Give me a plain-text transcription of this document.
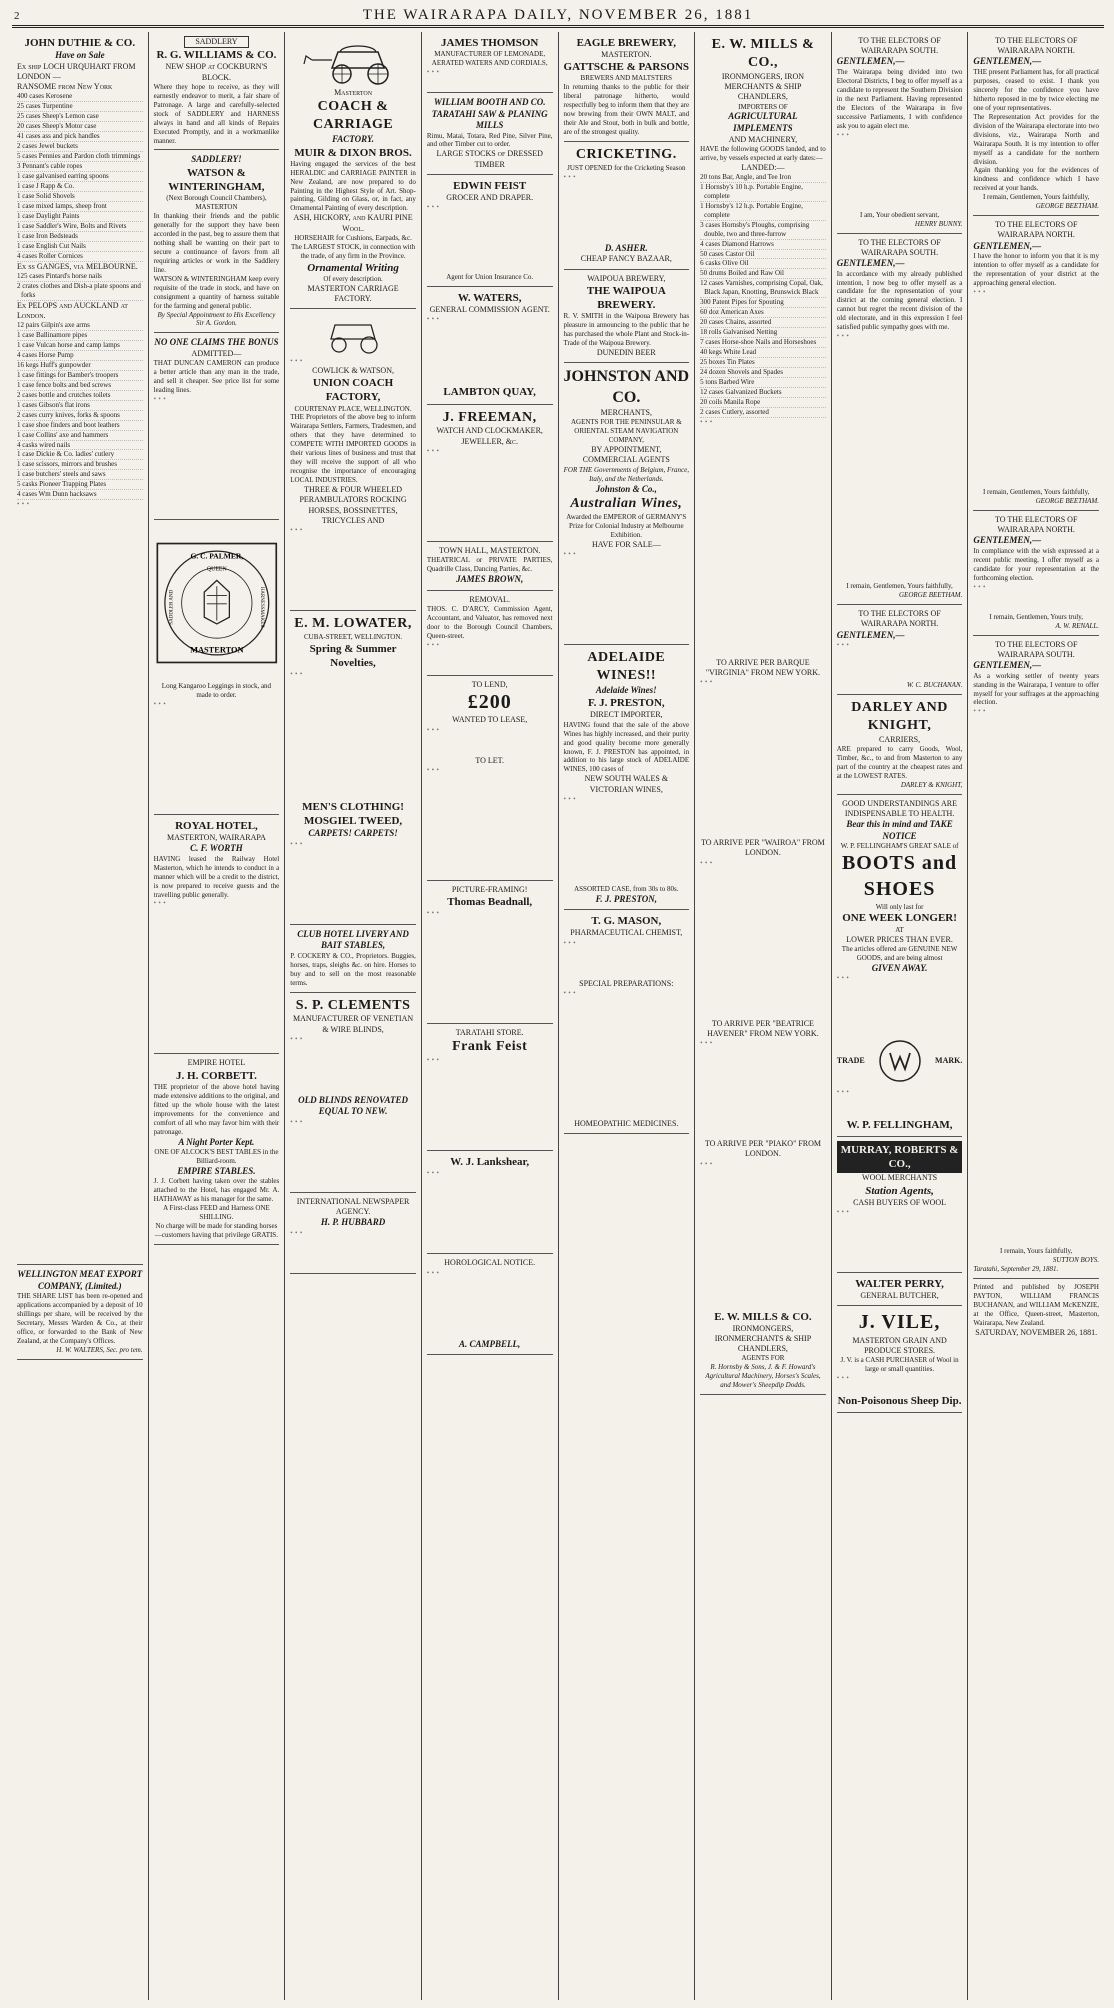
2	THE WAIRARAPA DAILY, NOVEMBER 26, 1881
JOHN DUTHIE & CO.
Have on Sale
Ex ship LOCH URQUHART FROM LONDON —
RANSOME from New York
400 cases Kerosene
25 cases Turpentine
25 cases Sheep's Lemon case
20 cases Sheep's Motor case
41 cases ass and pick handles
2 cases Jewel buckets
5 cases Pennies and Pardon cloth trimmings
3 Pennant's cable ropes
1 case galvanised earring spoons
1 case J Rapp & Co.
1 case Solid Shovels
1 case mixed lamps, sheep front
1 case Daylight Paints
1 case Saddler's Wire, Bolts and Rivets
1 case Iron Bedsteads
1 case English Cut Nails
4 cases Roller Cornices
Ex ss GANGES, via MELBOURNE.
125 cases Pintard's horse nails
2 crates clothes and Dish-a plate spoons and forks
Ex PELOPS and AUCKLAND at London.
12 pairs Gilpin's axe arms
1 case Ballinamore pipes
1 case Vulcan horse and camp lamps
4 cases Horse Pump
16 kegs Huff's gunpowder
1 case fittings for Bamber's troopers
1 case fence bolts and bed screws
2 cases bottle and crutches toilets
1 cases Gibson's flat irons
2 cases curry knives, forks & spoons
1 case shoe finders and boot leathers
1 case Collins' axe and hammers
4 casks wired nails
1 case Dickie & Co. ladies' cutlery
1 case scissors, mirrors and brushes
1 case butchers' steels and saws
5 casks Pioneer Trapping Plates
4 cases Wm Dunn hacksaws
• • •
WELLINGTON MEAT EXPORT COMPANY, (Limited.)
THE SHARE LIST has been re-opened and applications accompanied by a deposit of 10 shillings per share, will be received by the Secretary, Messrs Warden & Co., at their office, or forwarded to the Bank of New Zealand, at the Company's Offices.
H. W. WALTERS, Sec. pro tem.
SADDLERY
R. G. WILLIAMS & CO.
NEW SHOP at COCKBURN'S BLOCK.
Where they hope to receive, as they will earnestly endeavor to merit, a fair share of Patronage. A large and carefully-selected stock of SADDLERY and HARNESS always in hand and all kinds of Repairs Executed Promptly, and in a workmanlike manner.
SADDLERY!
WATSON & WINTERINGHAM,
(Next Borough Council Chambers), MASTERTON
In thanking their friends and the public generally for the support they have been accorded in the past, beg to assure them that nothing shall be wanting on their part to secure a continuance of favors from all requiring articles or work in the Saddlery line.
WATSON & WINTERINGHAM keep every requisite of the trade in stock, and have on consignment a quantity of harness suitable for the farming and general public.
By Special Appointment to His Excellency Sir A. Gordon.
NO ONE CLAIMS THE BONUS
ADMITTED—
THAT DUNCAN CAMERON can produce a better article than any man in the trade, and sell it cheaper. See price list for some leading lines.
• • •
G. C. PALMER,
QUEEN
SADDLER AND	HARNESSMAKER
MASTERTON
Long Kangaroo Leggings in stock, and made to order.
• • •
ROYAL HOTEL,
MASTERTON, WAIRARAPA
C. F. WORTH
HAVING leased the Railway Hotel Masterton, which he intends to conduct in a manner which will be a credit to the district, is now prepared to receive guests and the travelling public generally.
• • •
EMPIRE HOTEL
J. H. CORBETT.
THE proprietor of the above hotel having made extensive additions to the original, and fitted up the whole house with the latest improvements for the convenience and comfort of all who may favor him with their patronage.
A Night Porter Kept.
ONE OF ALCOCK'S BEST TABLES in the Billiard-room.
EMPIRE STABLES.
J. J. Corbett having taken over the stables attached to the Hotel, has engaged Mr. A. HATHAWAY as his manager for the same.
A First-class FEED and Harness ONE SHILLING.
No charge will be made for standing horses—customers having that privilege GRATIS.
Masterton
COACH & CARRIAGE
FACTORY.
MUIR & DIXON BROS.
Having engaged the services of the best HERALDIC and CARRIAGE PAINTER in New Zealand, are now prepared to do Painting in the Highest Style of Art. Shop-painting, Gilding on Glass, or, in fact, any Ornamental Painting of every description.
ASH, HICKORY, and KAURI PINE Wool.
HORSEHAIR for Cushions, Earpads, &c.
The LARGEST STOCK, in connection with the trade, of any firm in the Province.
Ornamental Writing
Of every description.
MASTERTON CARRIAGE FACTORY.
• • •
COWLICK & WATSON,
UNION COACH FACTORY,
COURTENAY PLACE, WELLINGTON.
THE Proprietors of the above beg to inform Wairarapa Settlers, Farmers, Tradesmen, and others that they have determined to COMPETE WITH IMPORTED GOODS in their various lines of business and trust that they will receive the support of all who recognise the importance of encouraging LOCAL INDUSTRIES.
THREE & FOUR WHEELED PERAMBULATORS ROCKING HORSES, BOSSINETTES, TRICYCLES AND
• • •
E. M. LOWATER,
CUBA-STREET, WELLINGTON.
Spring & Summer Novelties,
• • •
MEN'S CLOTHING!
MOSGIEL TWEED,
CARPETS! CARPETS!
• • •
CLUB HOTEL LIVERY AND BAIT STABLES,
P. COCKERY & CO., Proprietors. Buggies, horses, traps, sleighs &c. on hire. Horses to buy and to sell on the most reasonable terms.
S. P. CLEMENTS
MANUFACTURER OF VENETIAN & WIRE BLINDS,
• • •
OLD BLINDS RENOVATED EQUAL TO NEW.
• • •
INTERNATIONAL NEWSPAPER AGENCY.
H. P. HUBBARD
• • •
JAMES THOMSON
MANUFACTURER OF LEMONADE, AERATED WATERS AND CORDIALS,
• • •
WILLIAM BOOTH AND CO. TARATAHI SAW & PLANING MILLS
Rimu, Matai, Totara, Red Pine, Silver Pine, and other Timber cut to order.
LARGE STOCKS of DRESSED TIMBER
EDWIN FEIST
GROCER AND DRAPER.
• • •
Agent for Union Insurance Co.
W. WATERS,
GENERAL COMMISSION AGENT.
• • •
LAMBTON QUAY,
J. FREEMAN,
WATCH AND CLOCKMAKER, JEWELLER, &c.
• • •
TOWN HALL, MASTERTON.
THEATRICAL or PRIVATE PARTIES, Quadrille Class, Dancing Parties, &c.
JAMES BROWN,
REMOVAL.
THOS. C. D'ARCY, Commission Agent, Accountant, and Valuator, has removed next door to the Borough Council Chambers, Queen-street.
• • •
TO LEND,
£200
WANTED TO LEASE,
• • •
TO LET.
• • •
PICTURE-FRAMING!
Thomas Beadnall,
• • •
TARATAHI STORE.
Frank Feist
• • •
W. J. Lankshear,
• • •
HOROLOGICAL NOTICE.
• • •
A. CAMPBELL,
EAGLE BREWERY,
MASTERTON.
GATTSCHE & PARSONS
BREWERS AND MALTSTERS
In returning thanks to the public for their liberal patronage hitherto, would respectfully beg to inform them that they are now brewing from their OWN MALT, and their Ale and Stout, both in bulk and bottle, are of the strongest quality.
CRICKETING.
JUST OPENED for the Cricketing Season
• • •
D. ASHER.
CHEAP FANCY BAZAAR,
WAIPOUA BREWERY,
THE WAIPOUA BREWERY.
R. V. SMITH in the Waipoua Brewery has pleasure in announcing to the public that he has purchased the whole Plant and Stock-in-Trade of the Waipoua Brewery.
DUNEDIN BEER
JOHNSTON AND CO.
MERCHANTS,
AGENTS FOR THE PENINSULAR & ORIENTAL STEAM NAVIGATION COMPANY,
BY APPOINTMENT,
COMMERCIAL AGENTS
FOR THE Governments of Belgium, France, Italy, and the Netherlands.
Johnston & Co.,
Australian Wines,
Awarded the EMPEROR of GERMANY'S Prize for Colonial Industry at Melbourne Exhibition.
HAVE FOR SALE—
• • •
ADELAIDE WINES!!
Adelaide Wines!
F. J. PRESTON,
DIRECT IMPORTER,
HAVING found that the sale of the above Wines has highly increased, and their purity and good quality become more generally known, F. J. PRESTON has appointed, in addition to his large stock of ADELAIDE WINES, 100 cases of
NEW SOUTH WALES & VICTORIAN WINES,
• • •
ASSORTED CASE, from 30s to 80s.
F. J. PRESTON,
T. G. MASON,
PHARMACEUTICAL CHEMIST,
• • •
SPECIAL PREPARATIONS:
• • •
HOMEOPATHIC MEDICINES.
E. W. MILLS & CO.,
IRONMONGERS, IRON
MERCHANTS & SHIP CHANDLERS,
IMPORTERS OF
AGRICULTURAL IMPLEMENTS
AND MACHINERY,
HAVE the following GOODS landed, and to arrive, by vessels expected at early dates:—
LANDED:—
20 tons Bar, Angle, and Tee Iron
1 Hornsby's 10 h.p. Portable Engine, complete
1 Hornsby's 12 h.p. Portable Engine, complete
3 cases Hornsby's Ploughs, comprising double, two and three-furrow
4 cases Diamond Harrows
50 cases Castor Oil
6 casks Olive Oil
50 drums Boiled and Raw Oil
12 cases Varnishes, comprising Copal, Oak, Black Japan, Knotting, Brunswick Black
300 Patent Pipes for Spouting
60 doz American Axes
20 cases Chains, assorted
18 rolls Galvanised Netting
7 cases Horse-shoe Nails and Horseshoes
40 kegs White Lead
25 boxes Tin Plates
24 dozen Shovels and Spades
5 tons Barbed Wire
12 cases Galvanized Buckets
20 coils Manila Rope
2 cases Cutlery, assorted
• • •
TO ARRIVE PER BARQUE "VIRGINIA" FROM NEW YORK.
• • •
TO ARRIVE PER "WAIROA" FROM LONDON.
• • •
TO ARRIVE PER "BEATRICE HAVENER" FROM NEW YORK.
• • •
TO ARRIVE PER "PIAKO" FROM LONDON.
• • •
E. W. MILLS & CO.
IRONMONGERS, IRONMERCHANTS & SHIP CHANDLERS,
AGENTS FOR
R. Hornsby & Sons, J. & F. Howard's Agricultural Machinery, Horses's Scales, and Mower's Sheepdip Dodds.
TO THE ELECTORS OF WAIRARAPA SOUTH.
GENTLEMEN,—
The Wairarapa being divided into two Electoral Districts, I beg to offer myself as a candidate to represent the Southern Division in the next Parliament. Having represented the Electors of the Wairarapa in five successive Parliaments, I with confidence ask you to again elect me.
• • •
I am, Your obedient servant,
HENRY BUNNY.
TO THE ELECTORS OF WAIRARAPA SOUTH.
GENTLEMEN,—
In accordance with my already published intention, I now beg to offer myself as a candidate for the representation of your district at the coming general election. I cannot but regret the recent division of the old electorate, and in this expression I feel satisfied public sympathy goes with me.
• • •
I remain, Gentlemen, Yours faithfully,
GEORGE BEETHAM.
TO THE ELECTORS OF WAIRARAPA NORTH.
GENTLEMEN,—
• • •
W. C. BUCHANAN.
DARLEY AND KNIGHT,
CARRIERS,
ARE prepared to carry Goods, Wool, Timber, &c., to and from Masterton to any part of the country at the cheapest rates and at the LOWEST RATES.
DARLEY & KNIGHT,
GOOD UNDERSTANDINGS ARE INDISPENSABLE TO HEALTH.
Bear this in mind and TAKE NOTICE
W. P. FELLINGHAM'S GREAT SALE of
BOOTS and SHOES
Will only last for
ONE WEEK LONGER!
AT
LOWER PRICES THAN EVER.
The articles offered are GENUINE NEW GOODS, and are being almost
GIVEN AWAY.
• • •
TRADE	MARK.
• • •
W. P. FELLINGHAM,
MURRAY, ROBERTS & CO.,
WOOL MERCHANTS
Station Agents,
CASH BUYERS OF WOOL
• • •
WALTER PERRY,
GENERAL BUTCHER,
J. VILE,
MASTERTON GRAIN AND PRODUCE STORES.
J. V. is a CASH PURCHASER of Wool in large or small quantities.
• • •
Non-Poisonous Sheep Dip.
TO THE ELECTORS OF WAIRARAPA NORTH.
GENTLEMEN,—
THE present Parliament has, for all practical purposes, ceased to exist. I thank you sincerely for the confidence you have hitherto reposed in me by twice electing me one of your representatives.
The Representation Act provides for the division of the Wairarapa electorate into two divisions, viz., Wairarapa North and Wairarapa South. It is my intention to offer myself as a candidate for the northern division.
Again thanking you for the evidences of kindness and confidence which I have received at your hands.
I remain, Gentlemen, Yours faithfully,
GEORGE BEETHAM.
TO THE ELECTORS OF WAIRARAPA NORTH.
GENTLEMEN,—
I have the honor to inform you that it is my intention to offer myself as a candidate for the representation of your district at the approaching general election.
• • •
I remain, Gentlemen, Yours faithfully,
GEORGE BEETHAM.
TO THE ELECTORS OF WAIRARAPA NORTH.
GENTLEMEN,—
In compliance with the wish expressed at a recent public meeting, I offer myself as a candidate for your representation at the forthcoming election.
• • •
I remain, Gentlemen, Yours truly,
A. W. RENALL.
TO THE ELECTORS OF WAIRARAPA SOUTH.
GENTLEMEN,—
As a working settler of twenty years standing in the Wairarapa, I venture to offer myself for your suffrages at the approaching election.
• • •
I remain, Yours faithfully,
SUTTON BOYS.
Taratahi, September 29, 1881.
Printed and published by JOSEPH PAYTON, WILLIAM FRANCIS BUCHANAN, and WILLIAM McKENZIE, at the Office, Queen-street, Masterton, Wairarapa, New Zealand.
SATURDAY, NOVEMBER 26, 1881.
